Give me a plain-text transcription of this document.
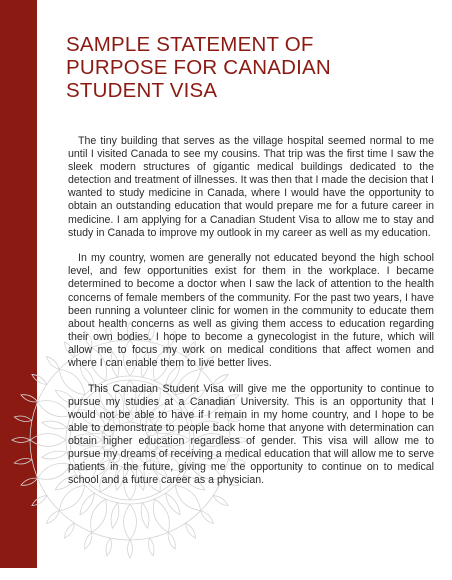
SAMPLE STATEMENT OF PURPOSE FOR CANADIAN STUDENT VISA

The tiny building that serves as the village hospital seemed normal to me until I visited Canada to see my cousins. That trip was the first time I saw the sleek modern structures of gigantic medical buildings dedicated to the detection and treatment of illnesses. It was then that I made the decision that I wanted to study medicine in Canada, where I would have the opportunity to obtain an outstanding education that would prepare me for a future career in medicine. I am applying for a Canadian Student Visa to allow me to stay and study in Canada to improve my outlook in my career as well as my education.

In my country, women are generally not educated beyond the high school level, and few opportunities exist for them in the workplace. I became determined to become a doctor when I saw the lack of attention to the health concerns of female members of the community. For the past two years, I have been running a volunteer clinic for women in the community to educate them about health concerns as well as giving them access to education regarding their own bodies. I hope to become a gynecologist in the future, which will allow me to focus my work on medical conditions that affect women and where I can enable them to live better lives.

This Canadian Student Visa will give me the opportunity to continue to pursue my studies at a Canadian University. This is an opportunity that I would not be able to have if I remain in my home country, and I hope to be able to demonstrate to people back home that anyone with determination can obtain higher education regardless of gender. This visa will allow me to pursue my dreams of receiving a medical education that will allow me to serve patients in the future, giving me the opportunity to continue on to medical school and a future career as a physician.
